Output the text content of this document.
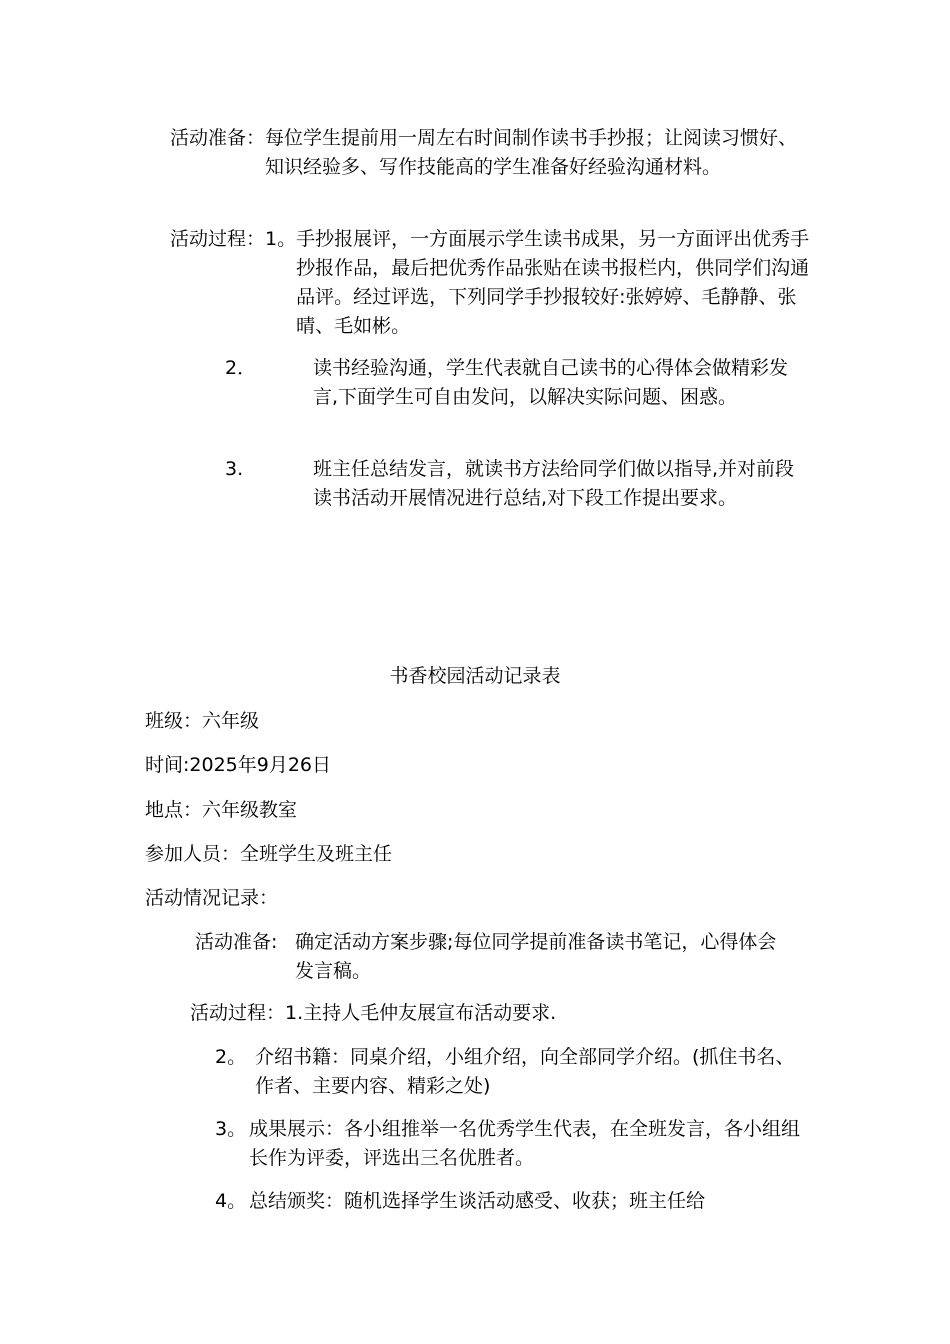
活动准备： 每位学生提前用一周左右时间制作读书手抄报；让阅读习惯好、知识经验多、写作技能高的学生准备好经验沟通材料。
活动过程： 1。 手抄报展评，一方面展示学生读书成果，另一方面评出优秀手抄报作品，最后把优秀作品张贴在读书报栏内，供同学们沟通品评。经过评选，下列同学手抄报较好:张婷婷、毛静静、张晴、毛如彬。
2．	读书经验沟通，学生代表就自己读书的心得体会做精彩发言,下面学生可自由发问，以解决实际问题、困惑。
3.	班主任总结发言，就读书方法给同学们做以指导,并对前段读书活动开展情况进行总结,对下段工作提出要求。
书香校园活动记录表
班级：六年级
时间:2025年9月26日
地点：六年级教室
参加人员：全班学生及班主任
活动情况记录：
活动准备: 确定活动方案步骤;每位同学提前准备读书笔记，心得体会发言稿。
活动过程： 1.主持人毛仲友展宣布活动要求.
2。 介绍书籍：同桌介绍，小组介绍，向全部同学介绍。(抓住书名、作者、主要内容、精彩之处)
3。 成果展示：各小组推举一名优秀学生代表，在全班发言，各小组组长作为评委，评选出三名优胜者。
4。 总结颁奖：随机选择学生谈活动感受、收获；班主任给
